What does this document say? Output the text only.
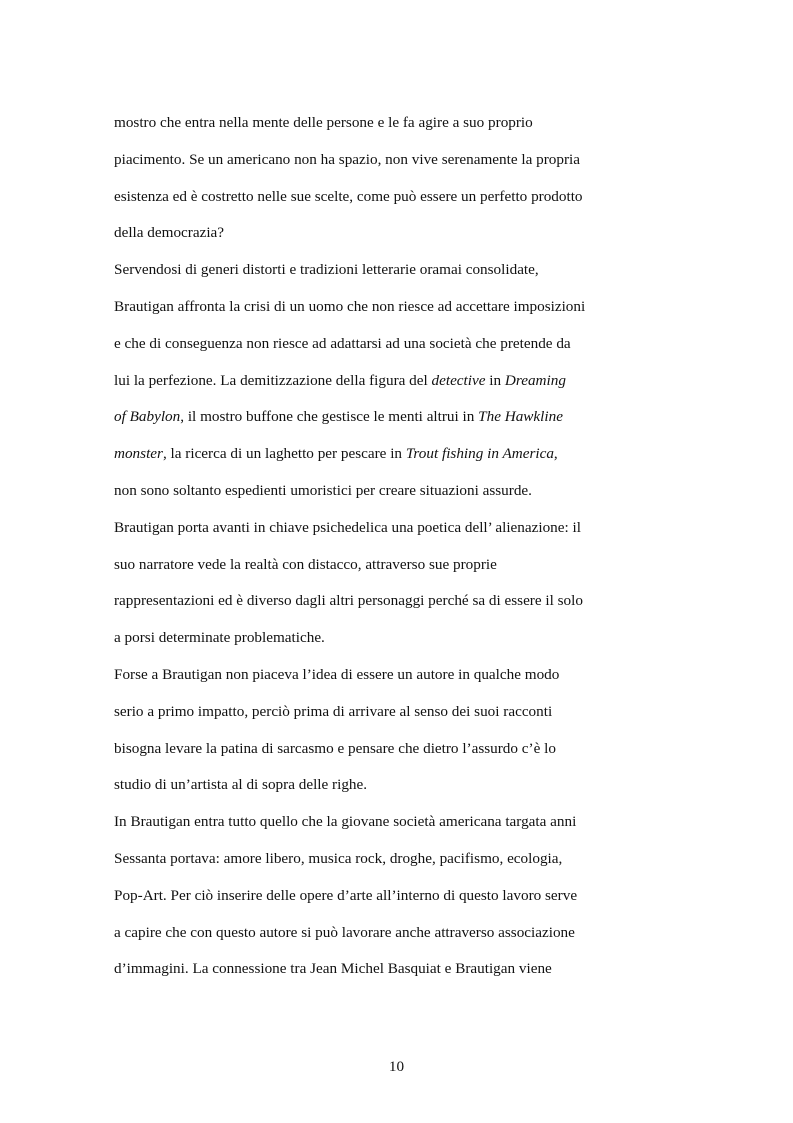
mostro che entra nella mente delle persone e le fa agire a suo proprio
piacimento. Se un americano non ha spazio, non vive serenamente la propria
esistenza ed è costretto nelle sue scelte, come può essere un perfetto prodotto
della democrazia?
Servendosi di generi distorti e tradizioni letterarie oramai consolidate,
Brautigan affronta la crisi di un uomo che non riesce ad accettare imposizioni
e che di conseguenza non riesce ad adattarsi ad una società che pretende da
lui la perfezione. La demitizzazione della figura del detective in Dreaming
of Babylon, il mostro buffone che gestisce le menti altrui in The Hawkline
monster, la ricerca di un laghetto per pescare in Trout fishing in America,
non sono soltanto espedienti umoristici per creare situazioni assurde.
Brautigan porta avanti in chiave psichedelica una poetica dell’ alienazione: il
suo narratore vede la realtà con distacco, attraverso sue proprie
rappresentazioni ed è diverso dagli altri personaggi perché sa di essere il solo
a porsi determinate problematiche.
Forse a Brautigan non piaceva l’idea di essere un autore in qualche modo
serio a primo impatto, perciò prima di arrivare al senso dei suoi racconti
bisogna levare la patina di sarcasmo e pensare che dietro l’assurdo c’è lo
studio di un’artista al di sopra delle righe.
In Brautigan entra tutto quello che la giovane società americana targata anni
Sessanta portava: amore libero, musica rock, droghe, pacifismo, ecologia,
Pop-Art. Per ciò inserire delle opere d’arte all’interno di questo lavoro serve
a capire che con questo autore si può lavorare anche attraverso associazione
d’immagini. La connessione tra Jean Michel Basquiat e Brautigan viene
10
